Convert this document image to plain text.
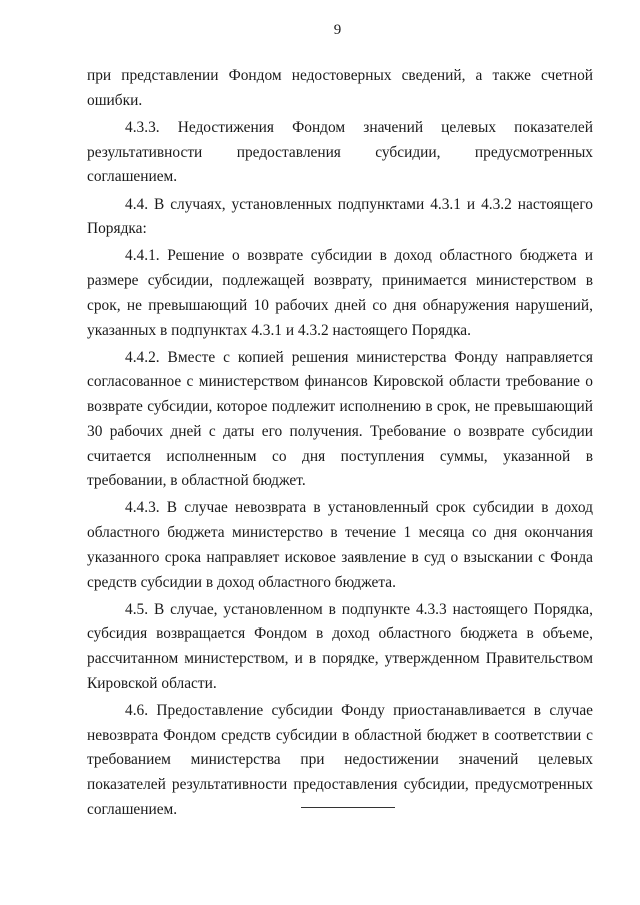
9

при представлении Фондом недостоверных сведений, а также счетной ошибки.

4.3.3. Недостижения Фондом значений целевых показателей результативности предоставления субсидии, предусмотренных соглашением.

4.4. В случаях, установленных подпунктами 4.3.1 и 4.3.2 настоящего Порядка:

4.4.1. Решение о возврате субсидии в доход областного бюджета и размере субсидии, подлежащей возврату, принимается министерством в срок, не превышающий 10 рабочих дней со дня обнаружения нарушений, указанных в подпунктах 4.3.1 и 4.3.2 настоящего Порядка.

4.4.2. Вместе с копией решения министерства Фонду направляется согласованное с министерством финансов Кировской области требование о возврате субсидии, которое подлежит исполнению в срок, не превышающий 30 рабочих дней с даты его получения. Требование о возврате субсидии считается исполненным со дня поступления суммы, указанной в требовании, в областной бюджет.

4.4.3. В случае невозврата в установленный срок субсидии в доход областного бюджета министерство в течение 1 месяца со дня окончания указанного срока направляет исковое заявление в суд о взыскании с Фонда средств субсидии в доход областного бюджета.

4.5. В случае, установленном в подпункте 4.3.3 настоящего Порядка, субсидия возвращается Фондом в доход областного бюджета в объеме, рассчитанном министерством, и в порядке, утвержденном Правительством Кировской области.

4.6. Предоставление субсидии Фонду приостанавливается в случае невозврата Фондом средств субсидии в областной бюджет в соответствии с требованием министерства при недостижении значений целевых показателей результативности предоставления субсидии, предусмотренных соглашением.
